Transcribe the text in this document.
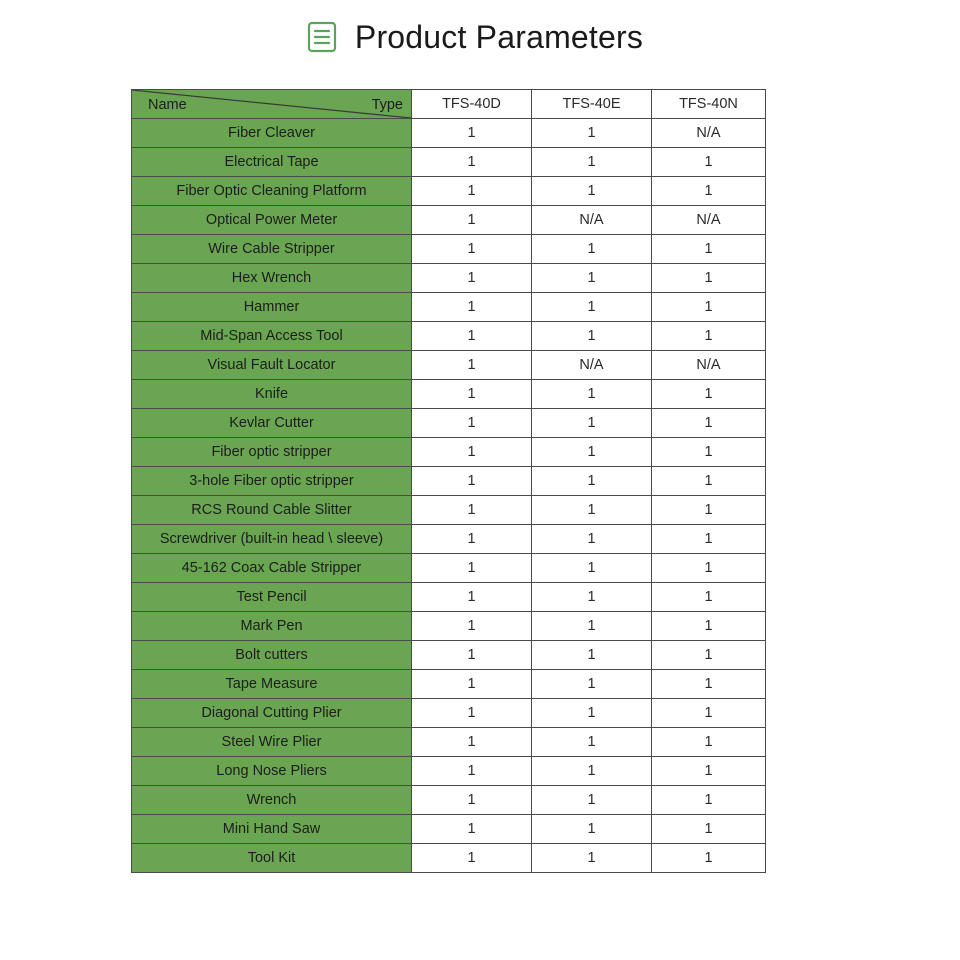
Product Parameters
Name Type	TFS-40D	TFS-40E	TFS-40N
Fiber Cleaver	1	1	N/A
Electrical Tape	1	1	1
Fiber Optic Cleaning Platform	1	1	1
Optical Power Meter	1	N/A	N/A
Wire Cable Stripper	1	1	1
Hex Wrench	1	1	1
Hammer	1	1	1
Mid-Span Access Tool	1	1	1
Visual Fault Locator	1	N/A	N/A
Knife	1	1	1
Kevlar Cutter	1	1	1
Fiber optic stripper	1	1	1
3-hole Fiber optic stripper	1	1	1
RCS Round Cable Slitter	1	1	1
Screwdriver (built-in head \ sleeve)	1	1	1
45-162 Coax Cable Stripper	1	1	1
Test Pencil	1	1	1
Mark Pen	1	1	1
Bolt cutters	1	1	1
Tape Measure	1	1	1
Diagonal Cutting Plier	1	1	1
Steel Wire Plier	1	1	1
Long Nose Pliers	1	1	1
Wrench	1	1	1
Mini Hand Saw	1	1	1
Tool Kit	1	1	1
